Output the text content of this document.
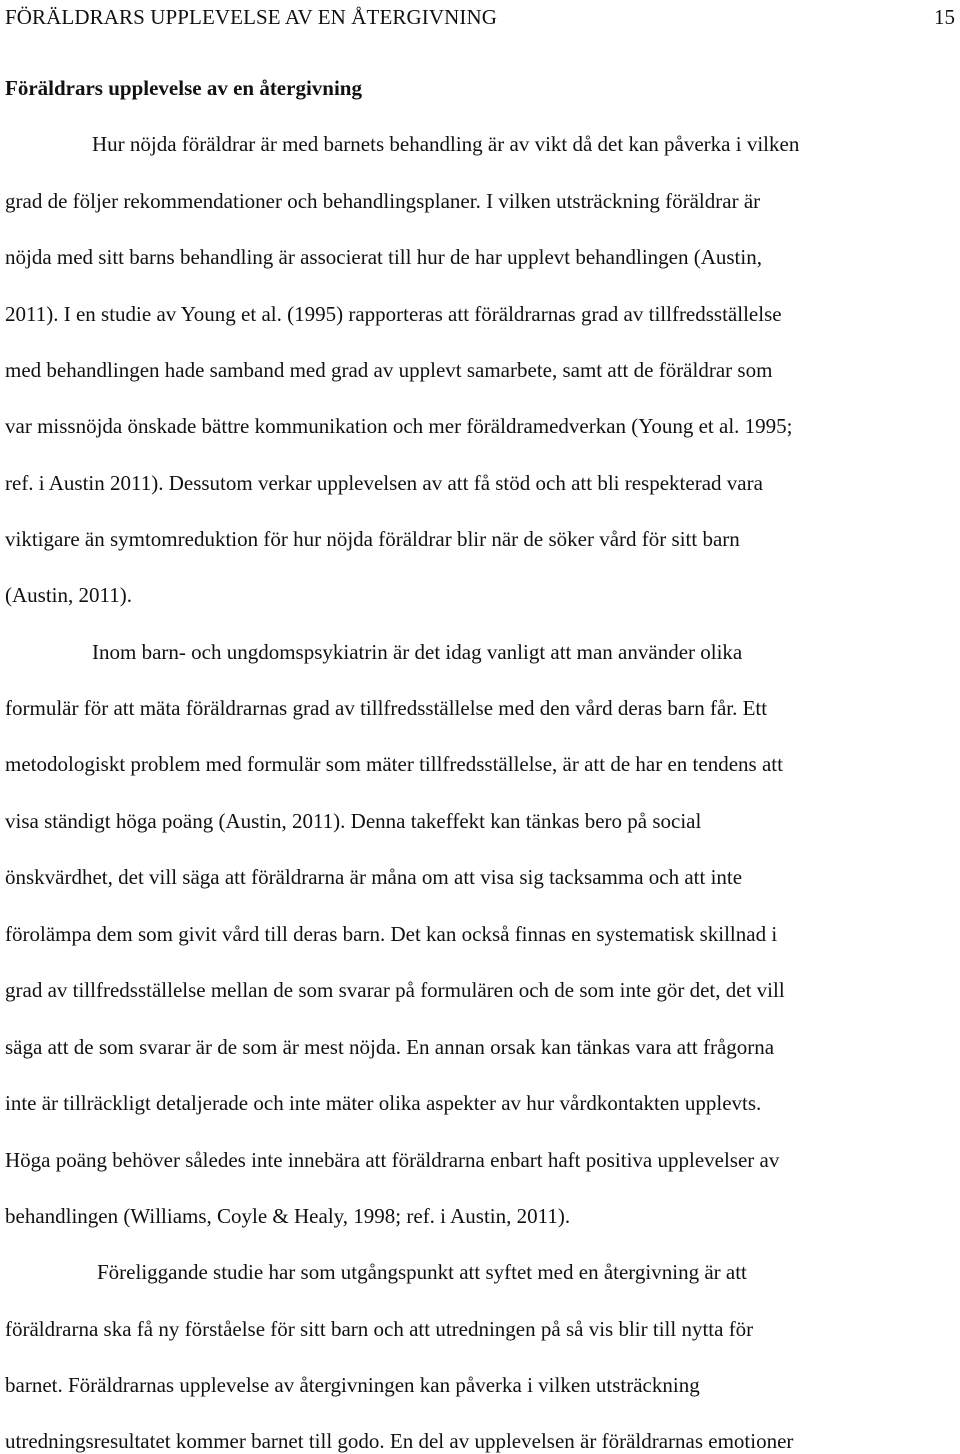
FÖRÄLDRARS UPPLEVELSE AV EN ÅTERGIVNING	15
Föräldrars upplevelse av en återgivning
Hur nöjda föräldrar är med barnets behandling är av vikt då det kan påverka i vilken
grad de följer rekommendationer och behandlingsplaner. I vilken utsträckning föräldrar är
nöjda med sitt barns behandling är associerat till hur de har upplevt behandlingen (Austin,
2011). I en studie av Young et al. (1995) rapporteras att föräldrarnas grad av tillfredsställelse
med behandlingen hade samband med grad av upplevt samarbete, samt att de föräldrar som
var missnöjda önskade bättre kommunikation och mer föräldramedverkan (Young et al. 1995;
ref. i Austin 2011). Dessutom verkar upplevelsen av att få stöd och att bli respekterad vara
viktigare än symtomreduktion för hur nöjda föräldrar blir när de söker vård för sitt barn
(Austin, 2011).
Inom barn- och ungdomspsykiatrin är det idag vanligt att man använder olika
formulär för att mäta föräldrarnas grad av tillfredsställelse med den vård deras barn får. Ett
metodologiskt problem med formulär som mäter tillfredsställelse, är att de har en tendens att
visa ständigt höga poäng (Austin, 2011). Denna takeffekt kan tänkas bero på social
önskvärdhet, det vill säga att föräldrarna är måna om att visa sig tacksamma och att inte
förolämpa dem som givit vård till deras barn. Det kan också finnas en systematisk skillnad i
grad av tillfredsställelse mellan de som svarar på formulären och de som inte gör det, det vill
säga att de som svarar är de som är mest nöjda. En annan orsak kan tänkas vara att frågorna
inte är tillräckligt detaljerade och inte mäter olika aspekter av hur vårdkontakten upplevts.
Höga poäng behöver således inte innebära att föräldrarna enbart haft positiva upplevelser av
behandlingen (Williams, Coyle & Healy, 1998; ref. i Austin, 2011).
Föreliggande studie har som utgångspunkt att syftet med en återgivning är att
föräldrarna ska få ny förståelse för sitt barn och att utredningen på så vis blir till nytta för
barnet. Föräldrarnas upplevelse av återgivningen kan påverka i vilken utsträckning
utredningsresultatet kommer barnet till godo. En del av upplevelsen är föräldrarnas emotioner
